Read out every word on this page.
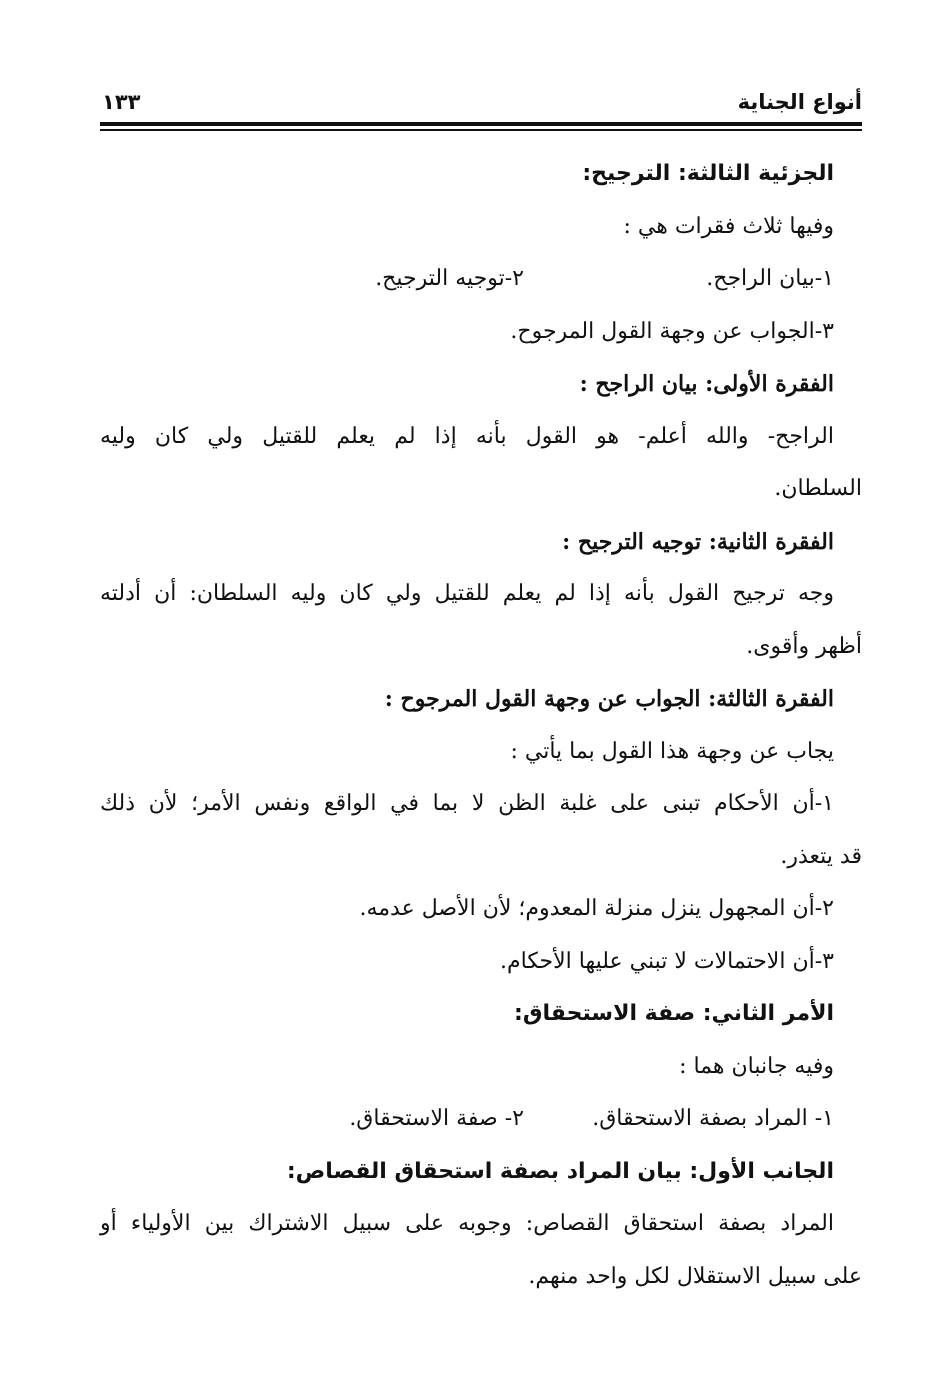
أنواع الجناية
١٣٣
الجزئية الثالثة: الترجيح:
وفيها ثلاث فقرات هي :
١-بيان الراجح.
٢-توجيه الترجيح.
٣-الجواب عن وجهة القول المرجوح.
الفقرة الأولى: بيان الراجح :
الراجح- والله أعلم- هو القول بأنه إذا لم يعلم للقتيل ولي كان وليه
السلطان.
الفقرة الثانية: توجيه الترجيح :
وجه ترجيح القول بأنه إذا لم يعلم للقتيل ولي كان وليه السلطان: أن أدلته
أظهر وأقوى.
الفقرة الثالثة: الجواب عن وجهة القول المرجوح :
يجاب عن وجهة هذا القول بما يأتي :
١-أن الأحكام تبنى على غلبة الظن لا بما في الواقع ونفس الأمر؛ لأن ذلك
قد يتعذر.
٢-أن المجهول ينزل منزلة المعدوم؛ لأن الأصل عدمه.
٣-أن الاحتمالات لا تبني عليها الأحكام.
الأمر الثاني: صفة الاستحقاق:
وفيه جانبان هما :
١- المراد بصفة الاستحقاق.
٢- صفة الاستحقاق.
الجانب الأول: بيان المراد بصفة استحقاق القصاص:
المراد بصفة استحقاق القصاص: وجوبه على سبيل الاشتراك بين الأولياء أو
على سبيل الاستقلال لكل واحد منهم.
